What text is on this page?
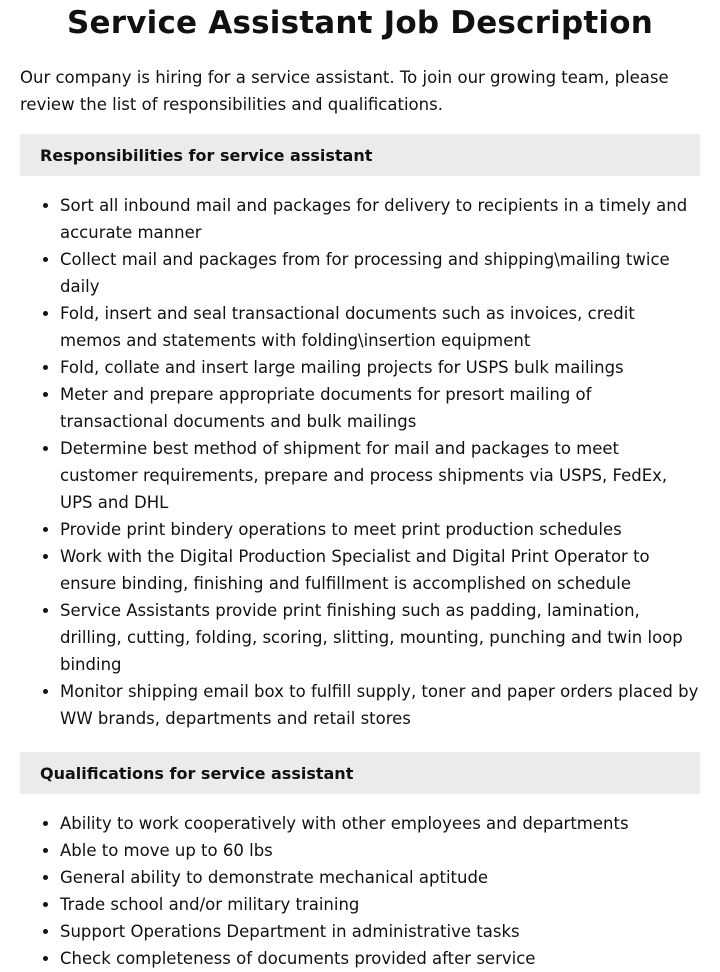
Service Assistant Job Description

Our company is hiring for a service assistant. To join our growing team, please review the list of responsibilities and qualifications.

Responsibilities for service assistant
• Sort all inbound mail and packages for delivery to recipients in a timely and accurate manner
• Collect mail and packages from for processing and shipping\mailing twice daily
• Fold, insert and seal transactional documents such as invoices, credit memos and statements with folding\insertion equipment
• Fold, collate and insert large mailing projects for USPS bulk mailings
• Meter and prepare appropriate documents for presort mailing of transactional documents and bulk mailings
• Determine best method of shipment for mail and packages to meet customer requirements, prepare and process shipments via USPS, FedEx, UPS and DHL
• Provide print bindery operations to meet print production schedules
• Work with the Digital Production Specialist and Digital Print Operator to ensure binding, finishing and fulfillment is accomplished on schedule
• Service Assistants provide print finishing such as padding, lamination, drilling, cutting, folding, scoring, slitting, mounting, punching and twin loop binding
• Monitor shipping email box to fulfill supply, toner and paper orders placed by WW brands, departments and retail stores
Qualifications for service assistant
• Ability to work cooperatively with other employees and departments
• Able to move up to 60 lbs
• General ability to demonstrate mechanical aptitude
• Trade school and/or military training
• Support Operations Department in administrative tasks
• Check completeness of documents provided after service
